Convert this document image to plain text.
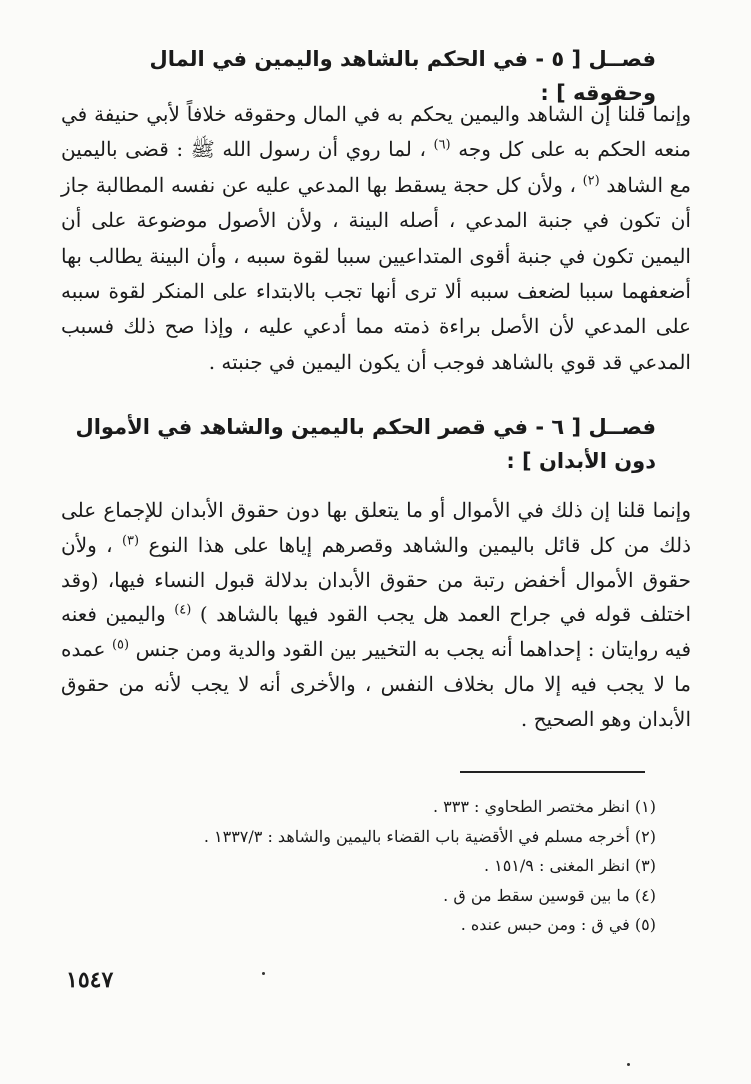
فصــل [ ٥ - في الحكم بالشاهد واليمين في المال وحقوقه ] :
وإنما قلنا إن الشاهد واليمين يحكم به في المال وحقوقه خلافاً لأبي حنيفة في منعه الحكم به على كل وجه $^{(٦)}$ ، لما روي أن رسول الله ﷺ : قضى باليمين مع الشاهد $^{(٢)}$ ، ولأن كل حجة يسقط بها المدعي عليه عن نفسه المطالبة جاز أن تكون في جنبة المدعي ، أصله البينة ، ولأن الأصول موضوعة على أن اليمين تكون في جنبة أقوى المتداعيين سببا لقوة سببه ، وأن البينة يطالب بها أضعفهما سببا لضعف سببه ألا ترى أنها تجب بالابتداء على المنكر لقوة سببه على المدعي لأن الأصل براءة ذمته مما أدعي عليه ، وإذا صح ذلك فسبب المدعي قد قوي بالشاهد فوجب أن يكون اليمين في جنبته .
فصــل [ ٦ - في قصر الحكم باليمين والشاهد في الأموال دون الأبدان ] :
وإنما قلنا إن ذلك في الأموال أو ما يتعلق بها دون حقوق الأبدان للإجماع على ذلك من كل قائل باليمين والشاهد وقصرهم إياها على هذا النوع $^{(٣)}$ ، ولأن حقوق الأموال أخفض رتبة من حقوق الأبدان بدلالة قبول النساء فيها، (وقد اختلف قوله في جراح العمد هل يجب القود فيها بالشاهد ) $^{(٤)}$ واليمين فعنه فيه روايتان : إحداهما أنه يجب به التخيير بين القود والدية ومن جنس $^{(٥)}$ عمده ما لا يجب فيه إلا مال بخلاف النفس ، والأخرى أنه لا يجب لأنه من حقوق الأبدان وهو الصحيح .
(١) انظر مختصر الطحاوي : ٣٣٣ .
(٢) أخرجه مسلم في الأقضية باب القضاء باليمين والشاهد : ١٣٣٧/٣ .
(٣) انظر المغنى : ١٥١/٩ .
(٤) ما بين قوسين سقط من ق .
(٥) في ق : ومن حبس عنده .
١٥٤٧
